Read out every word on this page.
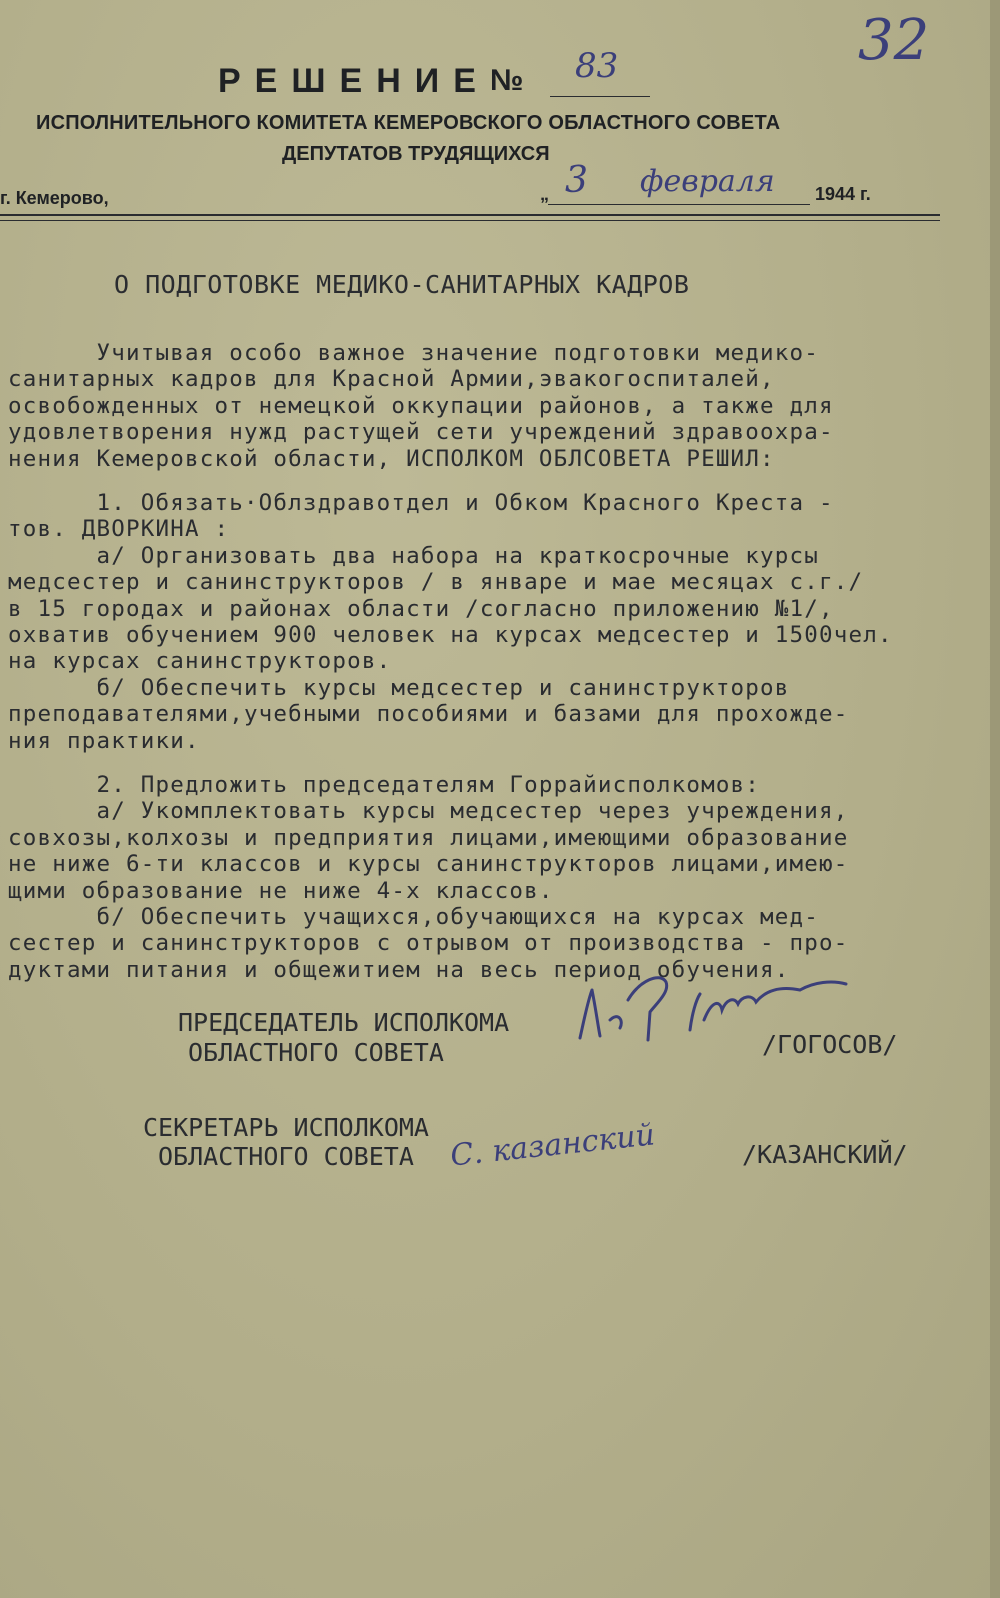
РЕШЕНИЕ № 83	32
ИСПОЛНИТЕЛЬНОГО КОМИТЕТА КЕМЕРОВСКОГО ОБЛАСТНОГО СОВЕТА
ДЕПУТАТОВ ТРУДЯЩИХСЯ
г. Кемерово,	„ 3 февраля 1944 г.
О ПОДГОТОВКЕ МЕДИКО-САНИТАРНЫХ КАДРОВ
Учитывая особо важное значение подготовки медико-
санитарных кадров для Красной Армии,эвакогоспиталей,
освобожденных от немецкой оккупации районов, а также для
удовлетворения нужд растущей сети учреждений здравоохра-
нения Кемеровской области, ИСПОЛКОМ ОБЛСОВЕТА РЕШИЛ:
1. Обязать·Облздравотдел и Обком Красного Креста -
тов. ДВОРКИНА :
а/ Организовать два набора на краткосрочные курсы
медсестер и санинструкторов / в январе и мае месяцах с.г./
в 15 городах и районах области /согласно приложению №1/,
охватив обучением 900 человек на курсах медсестер и 1500чел.
на курсах санинструкторов.
б/ Обеспечить курсы медсестер и санинструкторов
преподавателями,учебными пособиями и базами для прохожде-
ния практики.
2. Предложить председателям Горрайисполкомов:
а/ Укомплектовать курсы медсестер через учреждения,
совхозы,колхозы и предприятия лицами,имеющими образование
не ниже 6-ти классов и курсы санинструкторов лицами,имею-
щими образование не ниже 4-х классов.
б/ Обеспечить учащихся,обучающихся на курсах мед-
сестер и санинструкторов с отрывом от производства - про-
дуктами питания и общежитием на весь период обучения.
ПРЕДСЕДАТЕЛЬ ИСПОЛКОМА
ОБЛАСТНОГО СОВЕТА	/ГОГОСОВ/
СЕКРЕТАРЬ ИСПОЛКОМА
ОБЛАСТНОГО СОВЕТА С. казанский	/КАЗАНСКИЙ/
